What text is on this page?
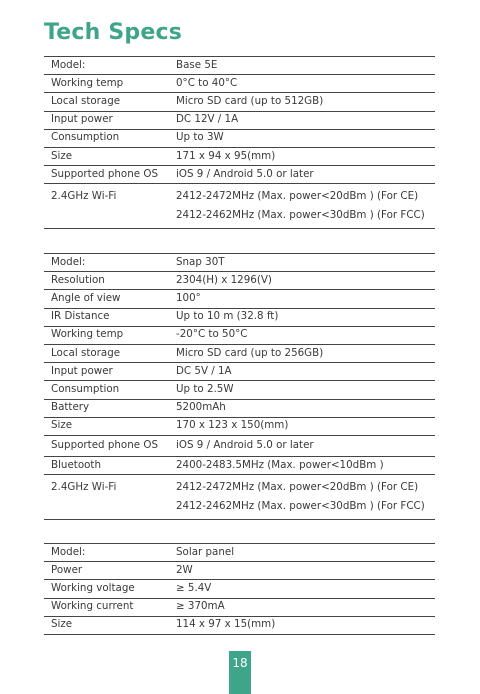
Tech Specs
Model:	Base 5E
Working temp	0°C to 40°C
Local storage	Micro SD card (up to 512GB)
Input power	DC 12V / 1A
Consumption	Up to 3W
Size	171 x 94 x 95(mm)
Supported phone OS	iOS 9 / Android 5.0 or later

2.4GHz Wi-Fi	2412-2472MHz (Max. power<20dBm ) (For CE)
2412-2462MHz (Max. power<30dBm ) (For FCC)
Model:	Snap 30T
Resolution	2304(H) x 1296(V)
Angle of view	100°
IR Distance	Up to 10 m (32.8 ft)
Working temp	-20°C to 50°C
Local storage	Micro SD card (up to 256GB)
Input power	DC 5V / 1A
Consumption	Up to 2.5W
Battery	5200mAh
Size	170 x 123 x 150(mm)
Supported phone OS	iOS 9 / Android 5.0 or later
Bluetooth	2400-2483.5MHz (Max. power<10dBm )

2.4GHz Wi-Fi	2412-2472MHz (Max. power<20dBm ) (For CE)
2412-2462MHz (Max. power<30dBm ) (For FCC)
Model:	Solar panel
Power	2W
Working voltage	≥ 5.4V
Working current	≥ 370mA
Size	114 x 97 x 15(mm)
18
